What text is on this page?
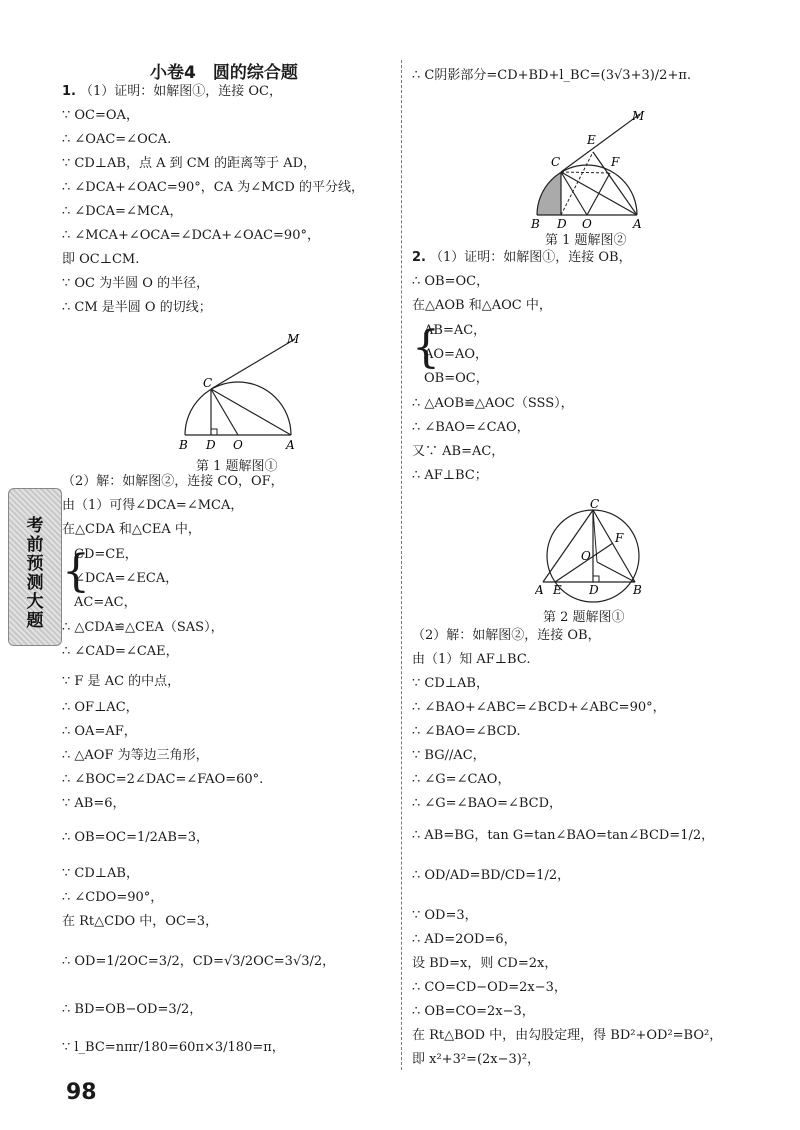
小卷4　圆的综合题
1. （1）证明：如解图①，连接 OC，
∵ OC=OA，
∴ ∠OAC=∠OCA.
∵ CD⊥AB，点 A 到 CM 的距离等于 AD，
∴ ∠DCA+∠OAC=90°，CA 为∠MCD 的平分线，
∴ ∠DCA=∠MCA，
∴ ∠MCA+∠OCA=∠DCA+∠OAC=90°，
即 OC⊥CM.
∵ OC 为半圆 O 的半径，
∴ CM 是半圆 O 的切线；
（2）解：如解图②，连接 CO，OF，
由（1）可得∠DCA=∠MCA，
在△CDA 和△CEA 中，
CD=CE，
∠DCA=∠ECA，
AC=AC，
∴ △CDA≌△CEA（SAS），
∴ ∠CAD=∠CAE，
∵ F 是 AC 的中点，
∴ OF⊥AC，
∴ OA=AF，
∴ △AOF 为等边三角形，
∴ ∠BOC=2∠DAC=∠FAO=60°.
∵ AB=6，
∴ OB=OC=1/2AB=3，
∵ CD⊥AB，
∴ ∠CDO=90°，
在 Rt△CDO 中，OC=3，
∴ OD=1/2OC=3/2，CD=√3/2OC=3√3/2，
∴ BD=OB−OD=3/2，
∵ l_BC=nπr/180=60π×3/180=π，
∴ C阴影部分=CD+BD+l_BC=(3√3+3)/2+π.
2. （1）证明：如解图①，连接 OB，
∴ OB=OC，
在△AOB 和△AOC 中，
AB=AC，
AO=AO，
OB=OC，
∴ △AOB≌△AOC（SSS），
∴ ∠BAO=∠CAO，
又∵ AB=AC，
∴ AF⊥BC；
（2）解：如解图②，连接 OB，
由（1）知 AF⊥BC.
∵ CD⊥AB，
∴ ∠BAO+∠ABC=∠BCD+∠ABC=90°，
∴ ∠BAO=∠BCD.
∵ BG//AC，
∴ ∠G=∠CAO，
∴ ∠G=∠BAO=∠BCD，
∴ AB=BG，tan G=tan∠BAO=tan∠BCD=1/2，
∴ OD/AD=BD/CD=1/2，
∵ OD=3，
∴ AD=2OD=6，
设 BD=x，则 CD=2x，
∴ CO=CD−OD=2x−3，
∴ OB=CO=2x−3，
在 Rt△BOD 中，由勾股定理，得 BD²+OD²=BO²，
即 x²+3²=(2x−3)²，
{
{
考前预测大题
M
C
B D O	A
第 1 题解图①
M
E
F
C
B D O	A
第 1 题解图②
C
F
O
A E D	B
第 2 题解图①
98
